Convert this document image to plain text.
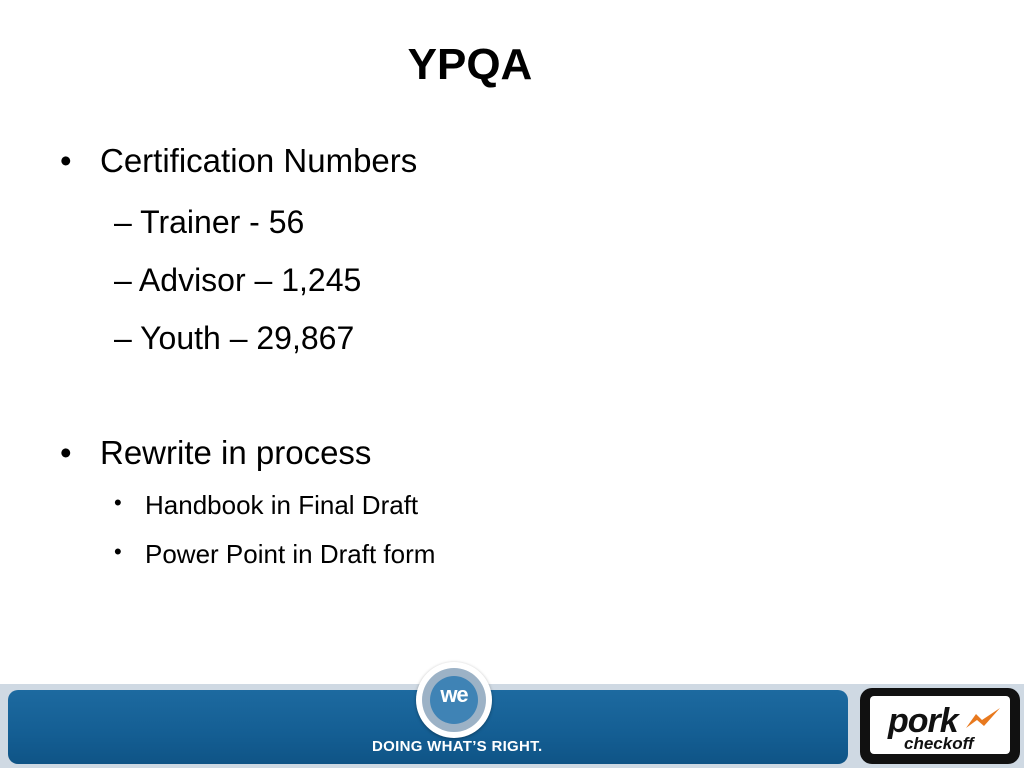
YPQA
• Certification Numbers
– Trainer - 56
– Advisor – 1,245
– Youth – 29,867
• Rewrite in process
• Handbook in Final Draft
• Power Point in Draft form
we
DOING WHAT’S RIGHT.
pork
checkoff
